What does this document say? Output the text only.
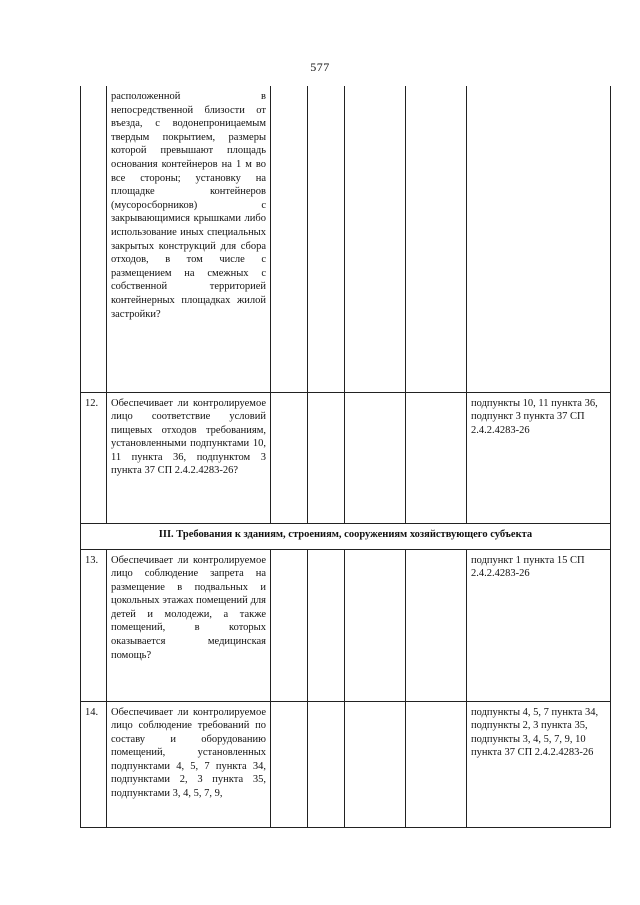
577
	расположенной в непосредственной близости от въезда, с водонепроницаемым твердым покрытием, размеры которой превышают площадь основания контейнеров на 1 м во все стороны; установку на площадке контейнеров (мусоросборников) с закрывающимися крышками либо использование иных специальных закрытых конструкций для сбора отходов, в том числе с размещением на смежных с собственной территорией контейнерных площадках жилой застройки?					
12.	Обеспечивает ли контролируемое лицо соответствие условий пищевых отходов требованиям, установленными подпунктами 10, 11 пункта 36, подпунктом 3 пункта 37 СП 2.4.2.4283-26?					подпункты 10, 11 пункта 36, подпункт 3 пункта 37 СП 2.4.2.4283-26
III. Требования к зданиям, строениям, сооружениям хозяйствующего субъекта						
13.	Обеспечивает ли контролируемое лицо соблюдение запрета на размещение в подвальных и цокольных этажах помещений для детей и молодежи, а также помещений, в которых оказывается медицинская помощь?					подпункт 1 пункта 15 СП 2.4.2.4283-26
14.	Обеспечивает ли контролируемое лицо соблюдение требований по составу и оборудованию помещений, установленных подпунктами 4, 5, 7 пункта 34, подпунктами 2, 3 пункта 35, подпунктами 3, 4, 5, 7, 9,					подпункты 4, 5, 7 пункта 34, подпункты 2, 3 пункта 35, подпункты 3, 4, 5, 7, 9, 10 пункта 37 СП 2.4.2.4283-26
